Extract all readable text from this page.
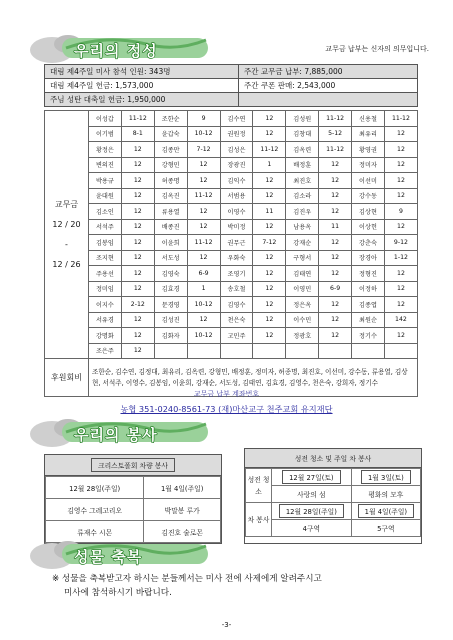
우리의 정성	교무금 납부는 신자의 의무입니다.
대림 제4주일 미사 참석 인원: 343명	주간 교무금 납부: 7,885,000
대림 제4주일 헌금: 1,573,000	주간 쿠폰 판매: 2,543,000
주님 성탄 대축일 헌금: 1,950,000	
교무금
12 / 20
-
12 / 26	이성갑	11-12	조한순	9	김수연	12	김성원	11-12	신용철	11-12
	이기범	8-1	윤갑숙	10-12	권원정	12	김창대	5-12	최유리	12
	황정은	12	김종만	7-12	김성은	11-12	김옥련	11-12	황영권	12
	변의진	12	강형민	12	장광진	1	배정훈	12	정미자	12
	박용규	12	허종명	12	김익수	12	최진호	12	이선미	12
	윤대원	12	김옥진	11-12	서범용	12	김소라	12	강수동	12
	김소인	12	류용열	12	이영수	11	김진우	12	김상현	9
	서석주	12	배종진	12	박미정	12	남용옥	11	이상헌	12
	김봉임	12	이윤희	11-12	권무근	7-12	강재순	12	강춘숙	9-12
	조지현	12	서도성	12	우화숙	12	구형서	12	장경아	1-12
	주용선	12	김영숙	6-9	조영기	12	김태연	12	정형진	12
	정미임	12	김효경	1	송호철	12	이영민	6-9	이정하	12
	이지수	2-12	문경영	10-12	김영수	12	정은옥	12	김종엽	12
	서유경	12	김성진	12	천은숙	12	이수민	12	최원순	142
	강명화	12	김화자	10-12	고민주	12	정광호	12	정기수	12
	조은주	12								
후원회비	조한순, 김수연, 김정대, 최유리, 김옥련, 강형민, 배정훈, 정미자, 허종명, 최진호, 이선미, 강수동, 류용열, 김상현, 서석주, 이영수, 김봉임, 이윤희, 강재순, 서도성, 김태연, 김효경, 김영수, 천은숙, 강희자, 정기수									
교무금 납부 계좌번호
농협 351-0240-8561-73 (재)마산교구 천주교회 유지재단
우리의 봉사
크리스토폴회 차량 봉사
12월 28일(주일)	1월 4일(주일)
김영수 그레고리오	박말봉 루가
류재수 시몬	김진호 술로몬
성전 청소 및 주일 차 봉사
성전 청소	12월 27일(토)	1월 3일(토)
	사랑의 섬	평화의 모후
차 봉사	12월 28일(주일)	1월 4일(주일)
	4구역	5구역
성물 축복
※ 성물을 축복받고자 하시는 분들께서는 미사 전에 사제에게 알려주시고
미사에 참석하시기 바랍니다.
-3-
